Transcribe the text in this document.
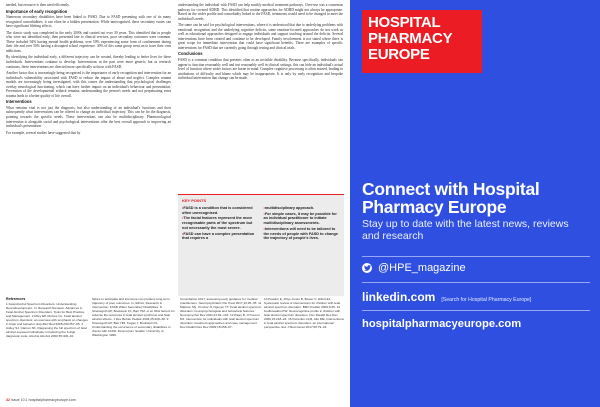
needed, but resource is then used efficiently.

Importance of early recognition

Numerous secondary disabilities have been linked to FASD. Due to FASD presenting with one of its many recognised comorbidities, it can often be a hidden presentation. While unrecognised, these secondary issues can have significant lifelong effects.

The classic study was completed in the early 2000s and carried out over 30 years. This identified that in people who were not identified early, then presented late to clinical services, poor secondary outcomes were common. These included 94% having mental health problems, over 50% experiencing some form of confinement during their life and over 50% having a disrupted school experience. 30% of this same group went on to have their own addictions.

By identifying the individual early, a different trajectory can be created, thereby leading to better lives for these individuals. Interventions continue to develop. Interventions in the past were more generic, but as research continues, these interventions are directed more specifically at those with FASD.

Another factor that is increasingly being recognised is the importance of early recognition and intervention for an individual's vulnerability associated with FASD to reduce the impact of abuse and neglect. Complex trauma models are increasingly being investigated, with this comes the understanding that psychological challenges overlay neurological functioning, which can have further impact on an individual's behaviour and presentation. Prevention of the developmental setback remains, understanding the person's needs and not perpetuating extra trauma leads to a better quality of life overall.

Interventions

What remains vital is not just the diagnosis, but also understanding of an individual's functions and their subsequently what interventions can be offered to change an individual trajectory. This can be for the diagnosis, pointing towards the specific needs. These interventions can also be multidisciplinary. Pharmacological intervention is alongside social and psychological interventions offer the best overall approach to improving an individual's presentation.

For example, several studies have suggested that by

understanding the individual with FASD can help modify medical treatment pathways. Over-use was a consensus pathway for covered ADHD. This identified that routine approaches for ADHD might not always be appropriate. Based on the wider profile and comorbidity linked to the FASD, treatments would need to be changed to meet the individual's needs.

The same can be said for psychological interventions, where it is understood that due to underlying problems with emotional recognition and the underlying cognitive deficits, some emotion-focused approaches do not work as well as educational approaches designed to engage individuals and support teaching around the deficits. Several interventions have been created and continue to be developed. Family involvement is not stated where there is great scope for immediate intervention that could have significant benefits. There are examples of specific interventions for FASD that are currently going through testing and clinical trials.

Conclusions

FASD is a common condition that presents often as an invisible disability. Because specifically, individuals can appear to function reasonably well and test reasonably well in clinical settings, this can hide an individual's actual level of function where wider factors are borne in mind. Complex cognitive processing is often missed, leading to attributions of difficulty and blame which may be inappropriate. It is only by early recognition and bespoke individual intervention that change can be made.

KEY POINTS
• FASD is a condition that is considered often unrecognised.
• The facial features represent the more recognisable parts of the spectrum but not necessarily the most severe.
• FASD can have a complex presentation that requires a
• multidisciplinary approach.
• For simple cases, it may be possible for an individual practitioner to initiate multidisciplinary assessments.
• Interventions will need to be tailored to the needs of people with FASD to change the trajectory of people's lives.
References
1 Fetal Alcohol Spectrum Disorders: Understanding Neurodevelopment. In: Research Reviews. Advances in Fetal Alcohol Spectrum Disorders. Tools for Best Practice and Management. 2 Riley EP, McGee CL. Fetal alcohol spectrum disorders: an overview with emphasis on changes in brain and behavior. Exp Biol Med 2005;230:357–65. 3 Astley SJ, Clarren SK. Diagnosing the full spectrum of fetal alcohol-exposed individuals: introducing the 4-digit diagnostic code. Alcohol Alcohol 2000;35:400–10.
failure to anticipate and intervene can produce long-term trajectory of poor outcomes. In: Ethics, Research & Intervention. FASD Wider Secondary Disabilities. 8 Streissguth AP, Bookstein FL, Barr HM, et al. Risk factors for adverse life outcomes in fetal alcohol syndrome and fetal alcohol effects. J Dev Behav Pediatr 2004;25:228–38. 9 Streissguth AP, Barr HM, Kogan J, Bookstein FL. Understanding the occurrence of secondary disabilities in clients with FASD. Final report. Seattle: University of Washington 1996.
Consultation 2017: assessing early guidance for medical practitioners. Neuropsychiatric Dis Treat 2017;13:25–35. 11 Mattson SN, Crocker N, Nguyen TT. Fetal alcohol spectrum disorders: neuropsychological and behavioral features. Neuropsychol Rev 2011;21:81–101. 12 Paley B, O'Connor MJ. Intervention for individuals with fetal alcohol spectrum disorders: treatment approaches and case management. Dev Disabil Res Rev 2009;15:258–67.
13 Peadon E, Rhys-Jones B, Bower C, Elliott EJ. Systematic review of interventions for children with fetal alcohol spectrum disorders. BMC Pediatr 2009;9:35. 14 Kodituwakku PW. Neurocognitive profile in children with fetal alcohol spectrum disorders. Dev Disabil Res Rev 2009;15:218–24. 15 Petrenko CLM, Alto ME. Interventions in fetal alcohol spectrum disorders: an international perspective. Eur J Med Genet 2017;60:79–91.
32 Issue 10.1 hospitalpharmacyeurope.com
HOSPITAL
PHARMACY
EUROPE
Connect with Hospital Pharmacy Europe
Stay up to date with the latest news, reviews and research
@HPE_magazine
linkedin.com [Search for Hospital Pharmacy Europe]
hospitalpharmacyeurope.com
